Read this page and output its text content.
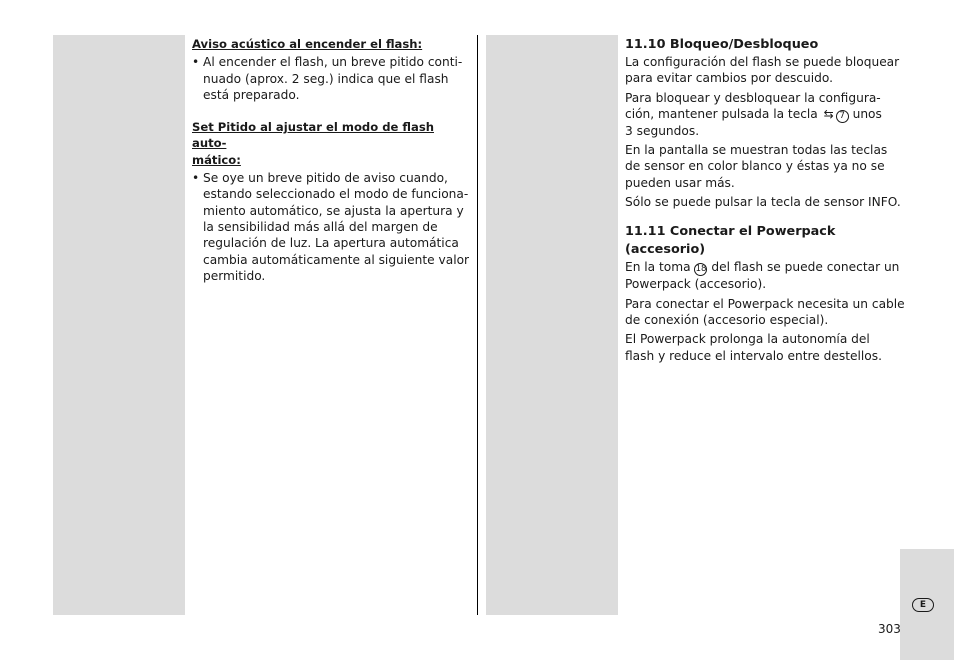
Aviso acústico al encender el flash:

• Al encender el flash, un breve pitido conti-
nuado (aprox. 2 seg.) indica que el flash
está preparado.

Set Pitido al ajustar el modo de flash auto-
mático:

• Se oye un breve pitido de aviso cuando,
estando seleccionado el modo de funciona-
miento automático, se ajusta la apertura y
la sensibilidad más allá del margen de
regulación de luz. La apertura automática
cambia automáticamente al siguiente valor
permitido.

11.10 Bloqueo/Desbloqueo

La configuración del flash se puede bloquear
para evitar cambios por descuido.

Para bloquear y desbloquear la configura-
ción, mantener pulsada la tecla ⇆ 7 unos
3 segundos.

En la pantalla se muestran todas las teclas
de sensor en color blanco y éstas ya no se
pueden usar más.

Sólo se puede pulsar la tecla de sensor INFO.

11.11 Conectar el Powerpack (accesorio)

En la toma 18 del flash se puede conectar un
Powerpack (accesorio).

Para conectar el Powerpack necesita un cable
de conexión (accesorio especial).

El Powerpack prolonga la autonomía del
flash y reduce el intervalo entre destellos.

E
303
